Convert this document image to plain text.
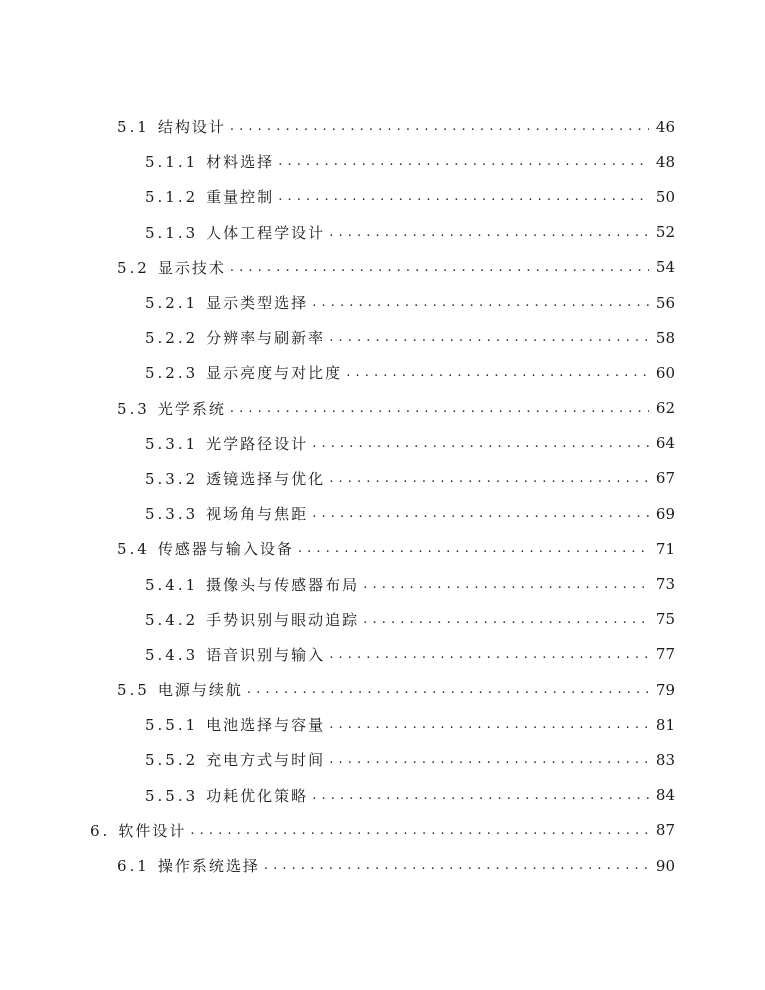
5.1 结构设计 . . .	46
5.1.1 材料选择 . . .	48
5.1.2 重量控制 . . .	50
5.1.3 人体工程学设计 . . .	52
5.2 显示技术 . . .	54
5.2.1 显示类型选择 . . .	56
5.2.2 分辨率与刷新率 . . .	58
5.2.3 显示亮度与对比度 . . .	60
5.3 光学系统 . . .	62
5.3.1 光学路径设计 . . .	64
5.3.2 透镜选择与优化 . . .	67
5.3.3 视场角与焦距 . . .	69
5.4 传感器与输入设备 . . .	71
5.4.1 摄像头与传感器布局 . . .	73
5.4.2 手势识别与眼动追踪 . . .	75
5.4.3 语音识别与输入 . . .	77
5.5 电源与续航 . . .	79
5.5.1 电池选择与容量 . . .	81
5.5.2 充电方式与时间 . . .	83
5.5.3 功耗优化策略 . . .	84
6. 软件设计 . . .	87
6.1 操作系统选择 . . .	90
